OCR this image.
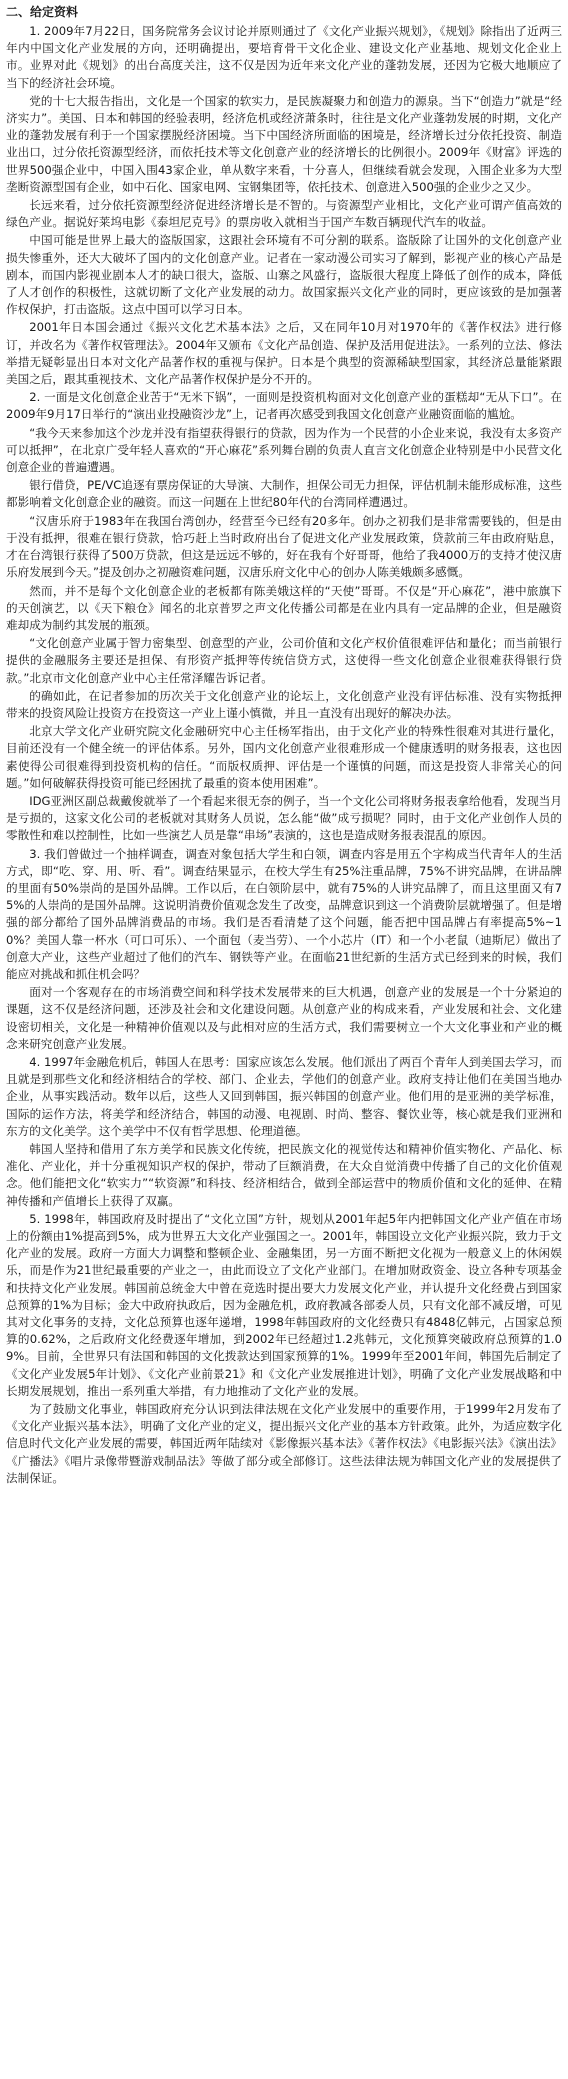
二、给定资料

1. 2009年7月22日，国务院常务会议讨论并原则通过了《文化产业振兴规划》，《规划》除指出了近两三年内中国文化产业发展的方向，还明确提出，要培育骨干文化企业、建设文化产业基地、规划文化企业上市。业界对此《规划》的出台高度关注，这不仅是因为近年来文化产业的蓬勃发展，还因为它极大地顺应了当下的经济社会环境。

党的十七大报告指出，文化是一个国家的软实力，是民族凝聚力和创造力的源泉。当下“创造力”就是“经济实力”。美国、日本和韩国的经验表明，经济危机或经济萧条时，往往是文化产业蓬勃发展的时期，文化产业的蓬勃发展有利于一个国家摆脱经济困境。当下中国经济所面临的困境是，经济增长过分依托投资、制造业出口，过分依托资源型经济，而依托技术等文化创意产业的经济增长的比例很小。2009年《财富》评选的世界500强企业中，中国入围43家企业，单从数字来看，十分喜人，但继续看就会发现，入围企业多为大型垄断资源型国有企业，如中石化、国家电网、宝钢集团等，依托技术、创意进入500强的企业少之又少。

长远来看，过分依托资源型经济促进经济增长是不智的。与资源型产业相比，文化产业可谓产值高效的绿色产业。据说好莱坞电影《泰坦尼克号》的票房收入就相当于国产车数百辆现代汽车的收益。

中国可能是世界上最大的盗版国家，这跟社会环境有不可分割的联系。盗版除了让国外的文化创意产业损失惨重外，还大大破坏了国内的文化创意产业。记者在一家动漫公司实习了解到，影视产业的核心产品是剧本，而国内影视业剧本人才的缺口很大，盗版、山寨之风盛行，盗版很大程度上降低了创作的成本，降低了人才创作的积极性，这就切断了文化产业发展的动力。故国家振兴文化产业的同时，更应该致的是加强著作权保护，打击盗版。这点中国可以学习日本。

2001年日本国会通过《振兴文化艺术基本法》之后，又在同年10月对1970年的《著作权法》进行修订，并改名为《著作权管理法》。2004年又颁布《文化产品创造、保护及活用促进法》。一系列的立法、修法举措无疑彰显出日本对文化产品著作权的重视与保护。日本是个典型的资源稀缺型国家，其经济总量能紧跟美国之后，跟其重视技术、文化产品著作权保护是分不开的。

2. 一面是文化创意企业苦于“无米下锅”，一面则是投资机构面对文化创意产业的蛋糕却“无从下口”。在2009年9月17日举行的“演出业投融资沙龙”上，记者再次感受到我国文化创意产业融资面临的尴尬。

“我今天来参加这个沙龙并没有指望获得银行的贷款，因为作为一个民营的小企业来说，我没有太多资产可以抵押”，在北京广受年轻人喜欢的“开心麻花”系列舞台剧的负责人直言文化创意企业特别是中小民营文化创意企业的普遍遭遇。

银行借贷，PE/VC追逐有票房保证的大导演、大制作，担保公司无力担保，评估机制未能形成标准，这些都影响着文化创意企业的融资。而这一问题在上世纪80年代的台湾同样遭遇过。

“汉唐乐府于1983年在我国台湾创办，经营至今已经有20多年。创办之初我们是非常需要钱的，但是由于没有抵押，很难在银行贷款，恰巧赶上当时政府出台了促进文化产业发展政策，贷款前三年由政府贴息，才在台湾银行获得了500万贷款，但这是远远不够的，好在我有个好哥哥，他给了我4000万的支持才使汉唐乐府发展到今天。”提及创办之初融资难问题，汉唐乐府文化中心的创办人陈美娥颇多感慨。

然而，并不是每个文化创意企业的老板都有陈美娥这样的“天使”哥哥。不仅是“开心麻花”，港中旅旗下的天创演艺，以《天下粮仓》闻名的北京普罗之声文化传播公司都是在业内具有一定品牌的企业，但是融资难却成为制约其发展的瓶颈。

“文化创意产业属于智力密集型、创意型的产业，公司价值和文化产权价值很难评估和量化；而当前银行提供的金融服务主要还是担保、有形资产抵押等传统信贷方式，这使得一些文化创意企业很难获得银行贷款。”北京市文化创意产业中心主任常泽耀告诉记者。

的确如此，在记者参加的历次关于文化创意产业的论坛上，文化创意产业没有评估标准、没有实物抵押带来的投资风险让投资方在投资这一产业上谨小慎微，并且一直没有出现好的解决办法。

北京大学文化产业研究院文化金融研究中心主任杨军指出，由于文化产业的特殊性很难对其进行量化，目前还没有一个健全统一的评估体系。另外，国内文化创意产业很难形成一个健康透明的财务报表，这也因素使得公司很难得到投资机构的信任。“而版权质押、评估是一个谨慎的问题，而这是投资人非常关心的问题。”如何破解获得投资可能已经困扰了最重的资本使用困难”。

IDG亚洲区副总裁戴俊就举了一个看起来很无奈的例子，当一个文化公司将财务报表拿给他看，发现当月是亏损的，这家文化公司的老板就对其财务人员说，怎么能“做”成亏损呢？同时，由于文化产业创作人员的零散性和难以控制性，比如一些演艺人员是靠“串场”表演的，这也是造成财务报表混乱的原因。

3. 我们曾做过一个抽样调查，调查对象包括大学生和白领，调查内容是用五个字构成当代青年人的生活方式，即“吃、穿、用、听、看”。调查结果显示，在校大学生有25%注重品牌，75%不讲究品牌，在讲品牌的里面有50%崇尚的是国外品牌。工作以后，在白领阶层中，就有75%的人讲究品牌了，而且这里面又有75%的人崇尚的是国外品牌。这说明消费价值观念发生了改变，品牌意识到这一个消费阶层就增强了。但是增强的部分都给了国外品牌消费品的市场。我们是否看清楚了这个问题，能否把中国品牌占有率提高5%~10%？美国人靠一杯水（可口可乐）、一个面包（麦当劳）、一个小芯片（IT）和一个小老鼠（迪斯尼）做出了创意大产业，这些产业超过了他们的汽车、钢铁等产业。在面临21世纪新的生活方式已经到来的时候，我们能应对挑战和抓住机会吗？

面对一个客观存在的市场消费空间和科学技术发展带来的巨大机遇，创意产业的发展是一个十分紧迫的课题，这不仅是经济问题，还涉及社会和文化建设问题。从创意产业的构成来看，产业发展和社会、文化建设密切相关，文化是一种精神价值观以及与此相对应的生活方式，我们需要树立一个大文化事业和产业的概念来研究创意产业发展。

4. 1997年金融危机后，韩国人在思考：国家应该怎么发展。他们派出了两百个青年人到美国去学习，而且就是到那些文化和经济相结合的学校、部门、企业去，学他们的创意产业。政府支持让他们在美国当地办企业，从事实践活动。数年以后，这些人又回到韩国，振兴韩国的创意产业。他们用的是亚洲的美学标准，国际的运作方法，将美学和经济结合，韩国的动漫、电视剧、时尚、整容、餐饮业等，核心就是我们亚洲和东方的文化美学。这个美学中不仅有哲学思想、伦理道德。

韩国人坚持和借用了东方美学和民族文化传统，把民族文化的视觉传达和精神价值实物化、产品化、标准化、产业化，并十分重视知识产权的保护，带动了巨额消费，在大众自觉消费中传播了自己的文化价值观念。他们能把文化“软实力”“软资源”和科技、经济相结合，做到全部运营中的物质价值和文化的延伸、在精神传播和产值增长上获得了双赢。

5. 1998年，韩国政府及时提出了“文化立国”方针，规划从2001年起5年内把韩国文化产业产值在市场上的份额由1%提高到5%，成为世界五大文化产业强国之一。2001年，韩国设立文化产业振兴院，致力于文化产业的发展。政府一方面大力调整和整顿企业、金融集团，另一方面不断把文化视为一般意义上的休闲娱乐，而是作为21世纪最重要的产业之一，由此而设立了文化产业部门。在增加财政资金、设立各种专项基金和扶持文化产业发展。韩国前总统金大中曾在竞选时提出要大力发展文化产业，并认提升文化经费占到国家总预算的1%为目标；金大中政府执政后，因为金融危机，政府教减各部委人员，只有文化部不减反增，可见其对文化事务的支持，文化总预算也逐年递增，1998年韩国政府的文化经费只有4848亿韩元，占国家总预算的0.62%，之后政府文化经费逐年增加，到2002年已经超过1.2兆韩元，文化预算突破政府总预算的1.09%。目前，全世界只有法国和韩国的文化拨款达到国家预算的1%。1999年至2001年间，韩国先后制定了《文化产业发展5年计划》、《文化产业前景21》和《文化产业发展推进计划》，明确了文化产业发展战略和中长期发展规划，推出一系列重大举措，有力地推动了文化产业的发展。

为了鼓励文化事业，韩国政府充分认识到法律法规在文化产业发展中的重要作用，于1999年2月发布了《文化产业振兴基本法》，明确了文化产业的定义，提出振兴文化产业的基本方针政策。此外，为适应数字化信息时代文化产业发展的需要，韩国近两年陆续对《影像振兴基本法》《著作权法》《电影振兴法》《演出法》《广播法》《唱片录像带暨游戏制品法》等做了部分或全部修订。这些法律法规为韩国文化产业的发展提供了法制保证。
